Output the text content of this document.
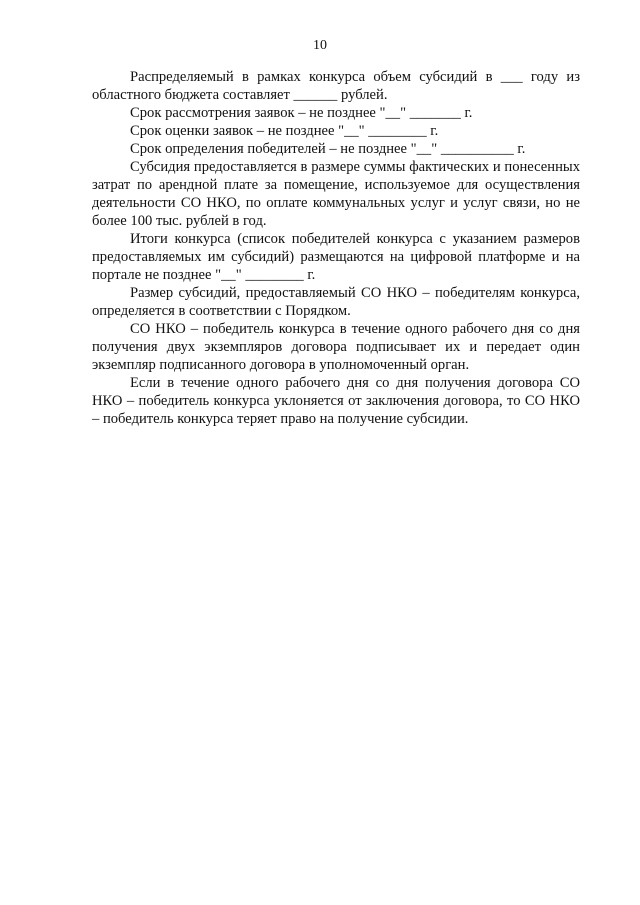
10

Распределяемый в рамках конкурса объем субсидий в ___ году из областного бюджета составляет ______ рублей.

Срок рассмотрения заявок – не позднее "__" _______ г.

Срок оценки заявок – не позднее "__" ________ г.

Срок определения победителей – не позднее "__" __________ г.

Субсидия предоставляется в размере суммы фактических и понесенных затрат по арендной плате за помещение, используемое для осуществления деятельности СО НКО, по оплате коммунальных услуг и услуг связи, но не более 100 тыс. рублей в год.

Итоги конкурса (список победителей конкурса с указанием размеров предоставляемых им субсидий) размещаются на цифровой платформе и на портале не позднее "__" ________ г.

Размер субсидий, предоставляемый СО НКО – победителям конкурса, определяется в соответствии с Порядком.

СО НКО – победитель конкурса в течение одного рабочего дня со дня получения двух экземпляров договора подписывает их и передает один экземпляр подписанного договора в уполномоченный орган.

Если в течение одного рабочего дня со дня получения договора СО НКО – победитель конкурса уклоняется от заключения договора, то СО НКО – победитель конкурса теряет право на получение субсидии.
